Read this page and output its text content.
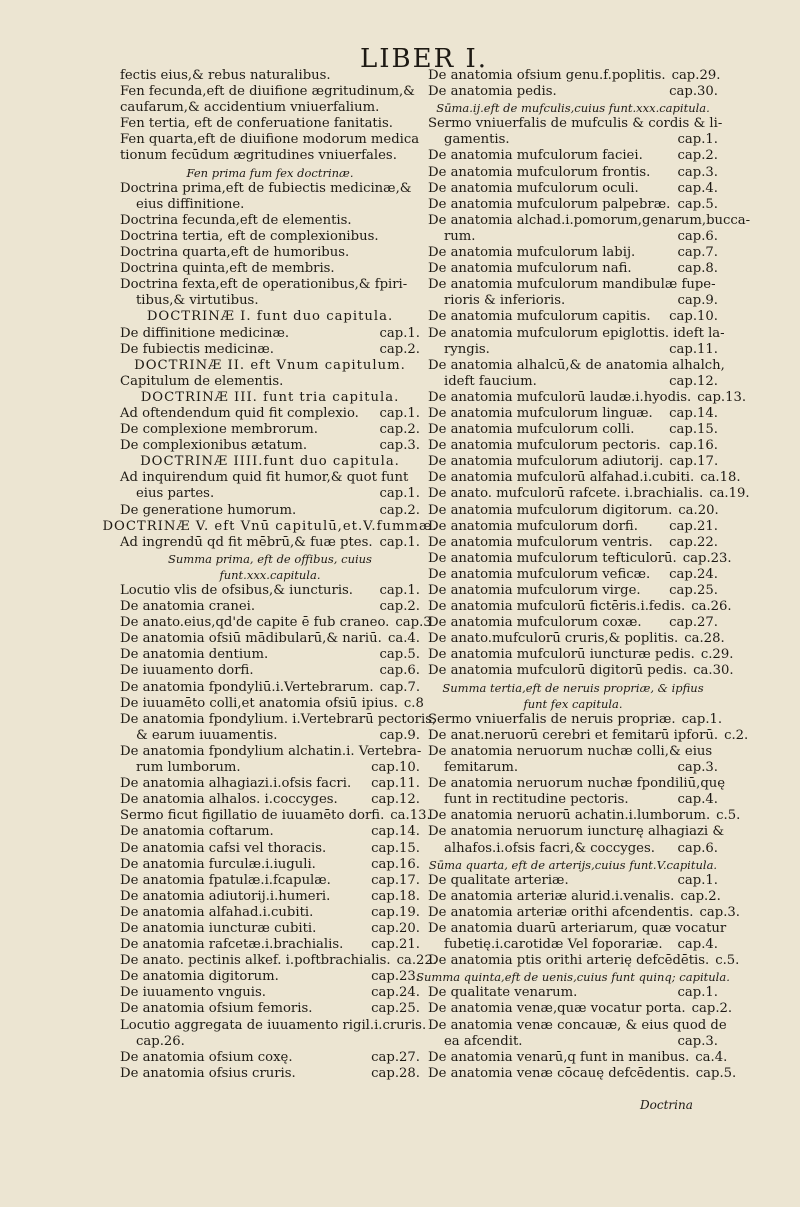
LIBER I.
fectis eius,& rebus naturalibus.
Fen fecunda,eft de diuifione ægritudinum,&
caufarum,& accidentium vniuerfalium.
Fen tertia, eft de conferuatione fanitatis.
Fen quarta,eft de diuifione modorum medica
tionum fecūdum ægritudines vniuerfales.
Fen prima fum fex doctrinæ.
Doctrina prima,eft de fubiectis medicinæ,&
eius diffinitione.
Doctrina fecunda,eft de elementis.
Doctrina tertia, eft de complexionibus.
Doctrina quarta,eft de humoribus.
Doctrina quinta,eft de membris.
Doctrina fexta,eft de operationibus,& fpiri-
tibus,& virtutibus.
DOCTRINÆ I. funt duo capitula.
De diffinitione medicinæ.	cap.1.
De fubiectis medicinæ.	cap.2.
DOCTRINÆ II. eft Vnum capitulum.
Capitulum de elementis.
DOCTRINÆ III. funt tria capitula.
Ad oftendendum quid fit complexio. cap.1.
De complexione membrorum.	cap.2.
De complexionibus ætatum.	cap.3.
DOCTRINÆ IIII.funt duo capitula.
Ad inquirendum quid fit humor,& quot funt
eius partes.	cap.1.
De generatione humorum.	cap.2.
DOCTRINÆ V. eft Vnū capitulū,et.V.fummæ.
Ad ingrendū qd fit mēbrū,& fuæ ptes. cap.1.
Summa prima, eft de offibus, cuius
funt.xxx.capitula.
Locutio vlis de ofsibus,& iuncturis. cap.1.
De anatomia cranei.	cap.2.
De anato.eius,qd'de capite ē fub craneo. cap.3
De anatomia ofsiū mādibularū,& nariū. ca.4.
De anatomia dentium.	cap.5.
De iuuamento dorfi.	cap.6.
De anatomia fpondyliū.i.Vertebrarum. cap.7.
De iuuamēto colli,et anatomia ofsiū ipius. c.8
De anatomia fpondylium. i.Vertebrarū pectoris,
& earum iuuamentis.	cap.9.
De anatomia fpondylium alchatin.i. Vertebra-
rum lumborum.	cap.10.
De anatomia alhagiazi.i.ofsis facri. cap.11.
De anatomia alhalos. i.coccyges.	cap.12.
Sermo ficut figillatio de iuuamēto dorfi. ca.13.
De anatomia coftarum.	cap.14.
De anatomia cafsi vel thoracis.	cap.15.
De anatomia furculæ.i.iuguli.	cap.16.
De anatomia fpatulæ.i.fcapulæ.	cap.17.
De anatomia adiutorij.i.humeri.	cap.18.
De anatomia alfahad.i.cubiti.	cap.19.
De anatomia iuncturæ cubiti.	cap.20.
De anatomia rafcetæ.i.brachialis. cap.21.
De anato. pectinis alkef. i.poftbrachialis. ca.22.
De anatomia digitorum.	cap.23.
De iuuamento vnguis.	cap.24.
De anatomia ofsium femoris.	cap.25.
Locutio aggregata de iuuamento rigil.i.cruris.
cap.26.
De anatomia ofsium coxę.	cap.27.
De anatomia ofsius cruris.	cap.28.
De anatomia ofsium genu.f.poplitis. cap.29.
De anatomia pedis.	cap.30.
Sūma.ij.eft de mufculis,cuius funt.xxx.capitula.
Sermo vniuerfalis de mufculis & cordis & li-
gamentis.	cap.1.
De anatomia mufculorum faciei.	cap.2.
De anatomia mufculorum frontis. cap.3.
De anatomia mufculorum oculi.	cap.4.
De anatomia mufculorum palpebræ. cap.5.
De anatomia alchad.i.pomorum,genarum,bucca-
rum.	cap.6.
De anatomia mufculorum labij.	cap.7.
De anatomia mufculorum nafi.	cap.8.
De anatomia mufculorum mandibulæ fupe-
rioris & inferioris.	cap.9.
De anatomia mufculorum capitis. cap.10.
De anatomia mufculorum epiglottis. ideft la-
ryngis.	cap.11.
De anatomia alhalcū,& de anatomia alhalch,
ideft faucium.	cap.12.
De anatomia mufculorū laudæ.i.hyodis. cap.13.
De anatomia mufculorum linguæ. cap.14.
De anatomia mufculorum colli.	cap.15.
De anatomia mufculorum pectoris. cap.16.
De anatomia mufculorum adiutorij. cap.17.
De anatomia mufculorū alfahad.i.cubiti. ca.18.
De anato. mufculorū rafcete. i.brachialis. ca.19.
De anatomia mufculorum digitorum. ca.20.
De anatomia mufculorum dorfi. cap.21.
De anatomia mufculorum ventris. cap.22.
De anatomia mufculorum tefticulorū. cap.23.
De anatomia mufculorum veficæ. cap.24.
De anatomia mufculorum virge. cap.25.
De anatomia mufculorū fictēris.i.fedis. ca.26.
De anatomia mufculorum coxæ. cap.27.
De anato.mufculorū cruris,& poplitis. ca.28.
De anatomia mufculorū iuncturæ pedis. c.29.
De anatomia mufculorū digitorū pedis. ca.30.
Summa tertia,eft de neruis propriæ, & ipfius
funt fex capitula.
Sermo vniuerfalis de neruis propriæ. cap.1.
De anat.neruorū cerebri et femitarū ipforū. c.2.
De anatomia neruorum nuchæ colli,& eius
femitarum.	cap.3.
De anatomia neruorum nuchæ fpondiliū,quę
funt in rectitudine pectoris.	cap.4.
De anatomia neruorū achatin.i.lumborum. c.5.
De anatomia neruorum iuncturę alhagiazi &
alhafos.i.ofsis facri,& coccyges. cap.6.
Sūma quarta, eft de arterijs,cuius funt.V.capitula.
De qualitate arteriæ.	cap.1.
De anatomia arteriæ alurid.i.venalis. cap.2.
De anatomia arteriæ orithi afcendentis. cap.3.
De anatomia duarū arteriarum, quæ vocatur
fubetię.i.carotidæ Vel foporariæ. cap.4.
De anatomia ptis orithi arterię defcēdētis. c.5.
Summa quinta,eft de uenis,cuius funt quinq; capitula.
De qualitate venarum.	cap.1.
De anatomia venæ,quæ vocatur porta. cap.2.
De anatomia venæ concauæ, & eius quod de
ea afcendit.	cap.3.
De anatomia venarū,q funt in manibus. ca.4.
De anatomia venæ cōcauę defcēdentis. cap.5.
Doctrina
